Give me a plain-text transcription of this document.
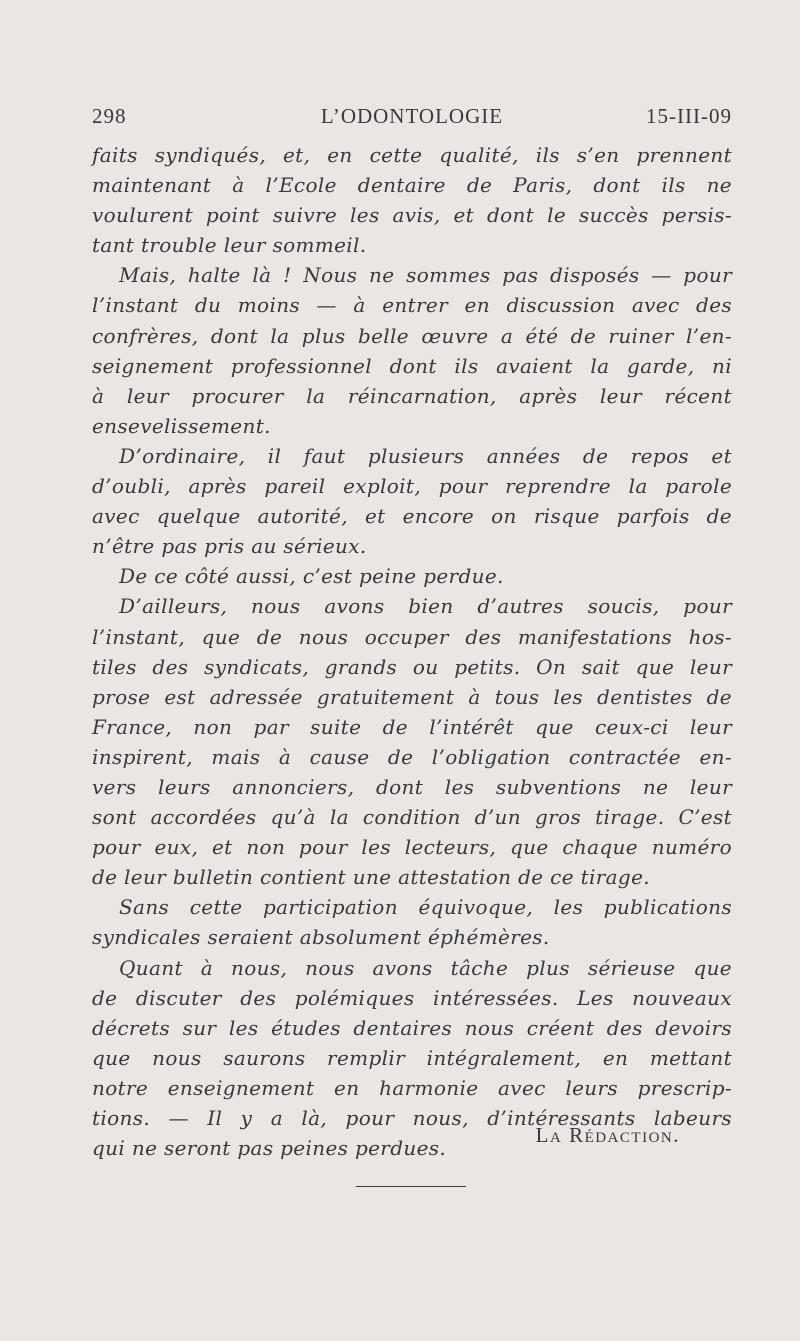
298	L’ODONTOLOGIE	15-III-09
faits syndiqués, et, en cette qualité, ils s’en prennent
maintenant à l’Ecole dentaire de Paris, dont ils ne
voulurent point suivre les avis, et dont le succès persis-
tant trouble leur sommeil.
Mais, halte là ! Nous ne sommes pas disposés — pour
l’instant du moins — à entrer en discussion avec des
confrères, dont la plus belle œuvre a été de ruiner l’en-
seignement professionnel dont ils avaient la garde, ni
à leur procurer la réincarnation, après leur récent
ensevelissement.
D’ordinaire, il faut plusieurs années de repos et
d’oubli, après pareil exploit, pour reprendre la parole
avec quelque autorité, et encore on risque parfois de
n’être pas pris au sérieux.
De ce côté aussi, c’est peine perdue.
D’ailleurs, nous avons bien d’autres soucis, pour
l’instant, que de nous occuper des manifestations hos-
tiles des syndicats, grands ou petits. On sait que leur
prose est adressée gratuitement à tous les dentistes de
France, non par suite de l’intérêt que ceux-ci leur
inspirent, mais à cause de l’obligation contractée en-
vers leurs annonciers, dont les subventions ne leur
sont accordées qu’à la condition d’un gros tirage. C’est
pour eux, et non pour les lecteurs, que chaque numéro
de leur bulletin contient une attestation de ce tirage.
Sans cette participation équivoque, les publications
syndicales seraient absolument éphémères.
Quant à nous, nous avons tâche plus sérieuse que
de discuter des polémiques intéressées. Les nouveaux
décrets sur les études dentaires nous créent des devoirs
que nous saurons remplir intégralement, en mettant
notre enseignement en harmonie avec leurs prescrip-
tions. — Il y a là, pour nous, d’intéressants labeurs
qui ne seront pas peines perdues.
La Rédaction.
